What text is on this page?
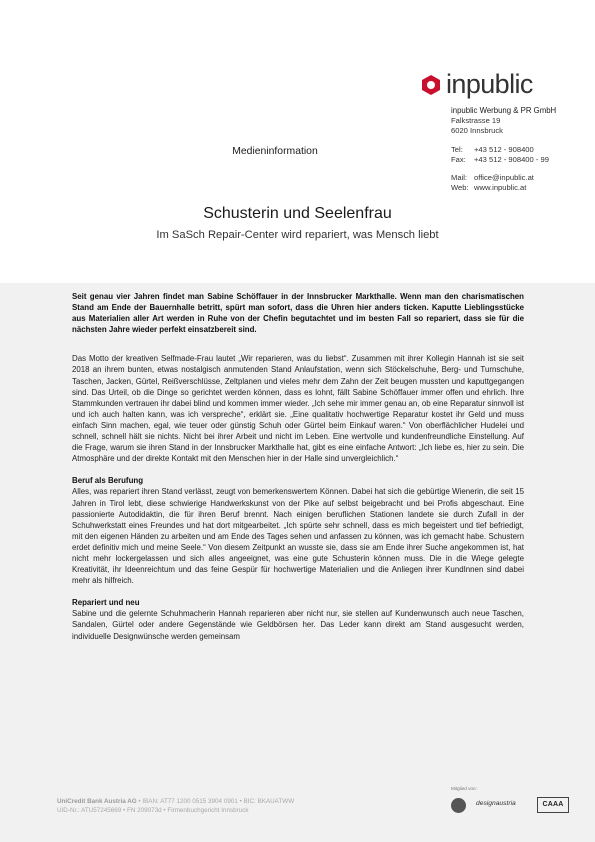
inpublic
inpublic Werbung & PR GmbH
Falkstrasse 19
6020 Innsbruck
Tel:	+43 512 - 908400
Fax:	+43 512 - 908400 - 99
Mail: office@inpublic.at
Web: www.inpublic.at
Medieninformation
Schusterin und Seelenfrau
Im SaSch Repair-Center wird repariert, was Mensch liebt

Seit genau vier Jahren findet man Sabine Schöffauer in der Innsbrucker Markthalle. Wenn man den charismatischen Stand am Ende der Bauernhalle betritt, spürt man sofort, dass die Uhren hier anders ticken. Kaputte Lieblingsstücke aus Materialien aller Art werden in Ruhe von der Chefin begutachtet und im besten Fall so repariert, dass sie für die nächsten Jahre wieder perfekt einsatzbereit sind.

Das Motto der kreativen Selfmade-Frau lautet „Wir reparieren, was du liebst“. Zusammen mit ihrer Kollegin Hannah ist sie seit 2018 an ihrem bunten, etwas nostalgisch anmutenden Stand Anlaufstation, wenn sich Stöckelschuhe, Berg- und Turnschuhe, Taschen, Jacken, Gürtel, Reißverschlüsse, Zeltplanen und vieles mehr dem Zahn der Zeit beugen mussten und kaputtgegangen sind. Das Urteil, ob die Dinge so gerichtet werden können, dass es lohnt, fällt Sabine Schöffauer immer offen und ehrlich. Ihre Stammkunden vertrauen ihr dabei blind und kommen immer wieder. „Ich sehe mir immer genau an, ob eine Reparatur sinnvoll ist und ich auch halten kann, was ich verspreche“, erklärt sie. „Eine qualitativ hochwertige Reparatur kostet ihr Geld und muss einfach Sinn machen, egal, wie teuer oder günstig Schuh oder Gürtel beim Einkauf waren.“ Von oberflächlicher Hudelei und schnell, schnell hält sie nichts. Nicht bei ihrer Arbeit und nicht im Leben. Eine wertvolle und kundenfreundliche Einstellung. Auf die Frage, warum sie ihren Stand in der Innsbrucker Markthalle hat, gibt es eine einfache Antwort: „Ich liebe es, hier zu sein. Die Atmosphäre und der direkte Kontakt mit den Menschen hier in der Halle sind unvergleichlich.“

Beruf als Berufung

Alles, was repariert ihren Stand verlässt, zeugt von bemerkenswertem Können. Dabei hat sich die gebürtige Wienerin, die seit 15 Jahren in Tirol lebt, diese schwierige Handwerkskunst von der Pike auf selbst beigebracht und bei Profis abgeschaut. Eine passionierte Autodidaktin, die für ihren Beruf brennt. Nach einigen beruflichen Stationen landete sie durch Zufall in der Schuhwerkstatt eines Freundes und hat dort mitgearbeitet. „Ich spürte sehr schnell, dass es mich begeistert und tief befriedigt, mit den eigenen Händen zu arbeiten und am Ende des Tages sehen und anfassen zu können, was ich gemacht habe. Schustern erdet definitiv mich und meine Seele.“ Von diesem Zeitpunkt an wusste sie, dass sie am Ende ihrer Suche angekommen ist, hat nicht mehr lockergelassen und sich alles angeeignet, was eine gute Schusterin können muss. Die in die Wiege gelegte Kreativität, ihr Ideenreichtum und das feine Gespür für hochwertige Materialien und die Anliegen ihrer KundInnen sind dabei mehr als hilfreich.

Repariert und neu

Sabine und die gelernte Schuhmacherin Hannah reparieren aber nicht nur, sie stellen auf Kundenwunsch auch neue Taschen, Sandalen, Gürtel oder andere Gegenstände wie Geldbörsen her. Das Leder kann direkt am Stand ausgesucht werden, individuelle Designwünsche werden gemeinsam

UniCredit Bank Austria AG • IBAN: AT77 1200 0515 3904 0901 • BIC: BKAUATWW
UID-Nr.: ATU57245669 • FN 209073d • Firmenbuchgericht Innsbruck
Mitglied von:
designaustria	CAAA
